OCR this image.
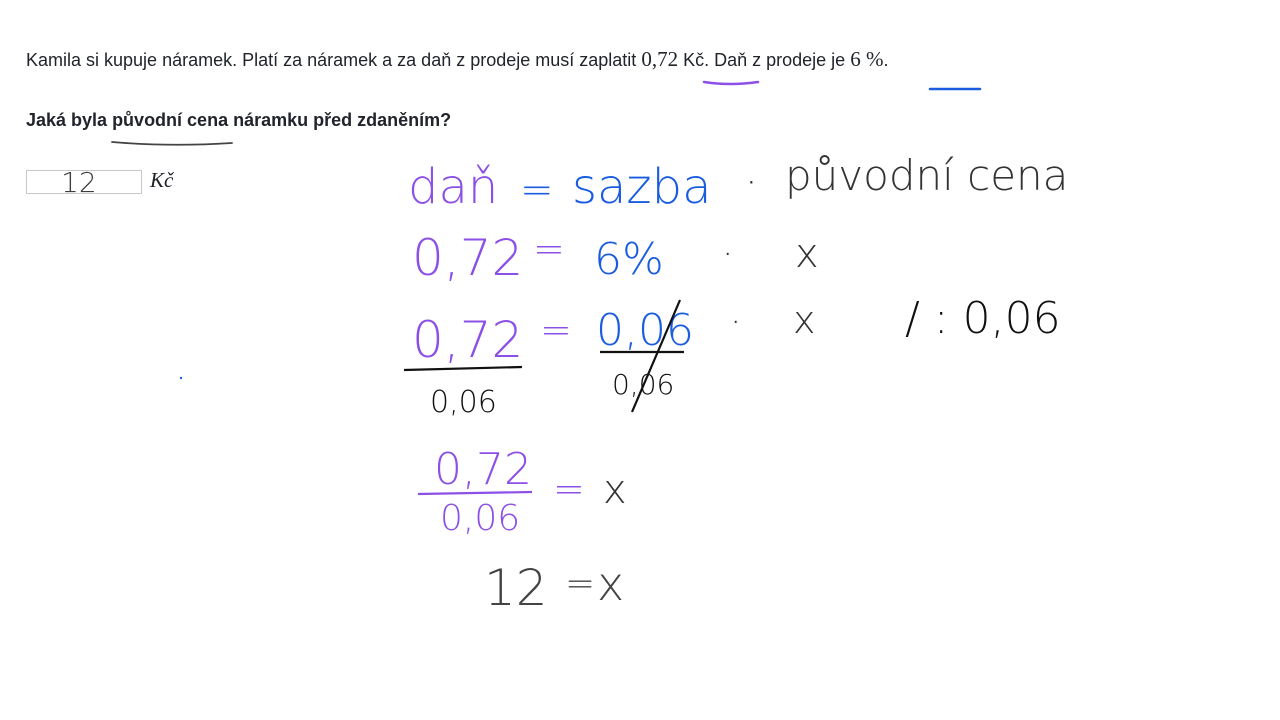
Kamila si kupuje náramek. Platí za náramek a za daň z prodeje musí zaplatit 0,72 Kč. Daň z prodeje je 6 %.
Jaká byla původní cena náramku před zdaněním?
12
Kč	daň = sazba · původní cena
0,72 = 6% · x
0,72
0,06
= 0,06
0,06
· x / : 0,06
0,72
0,06
= x
12 = x
